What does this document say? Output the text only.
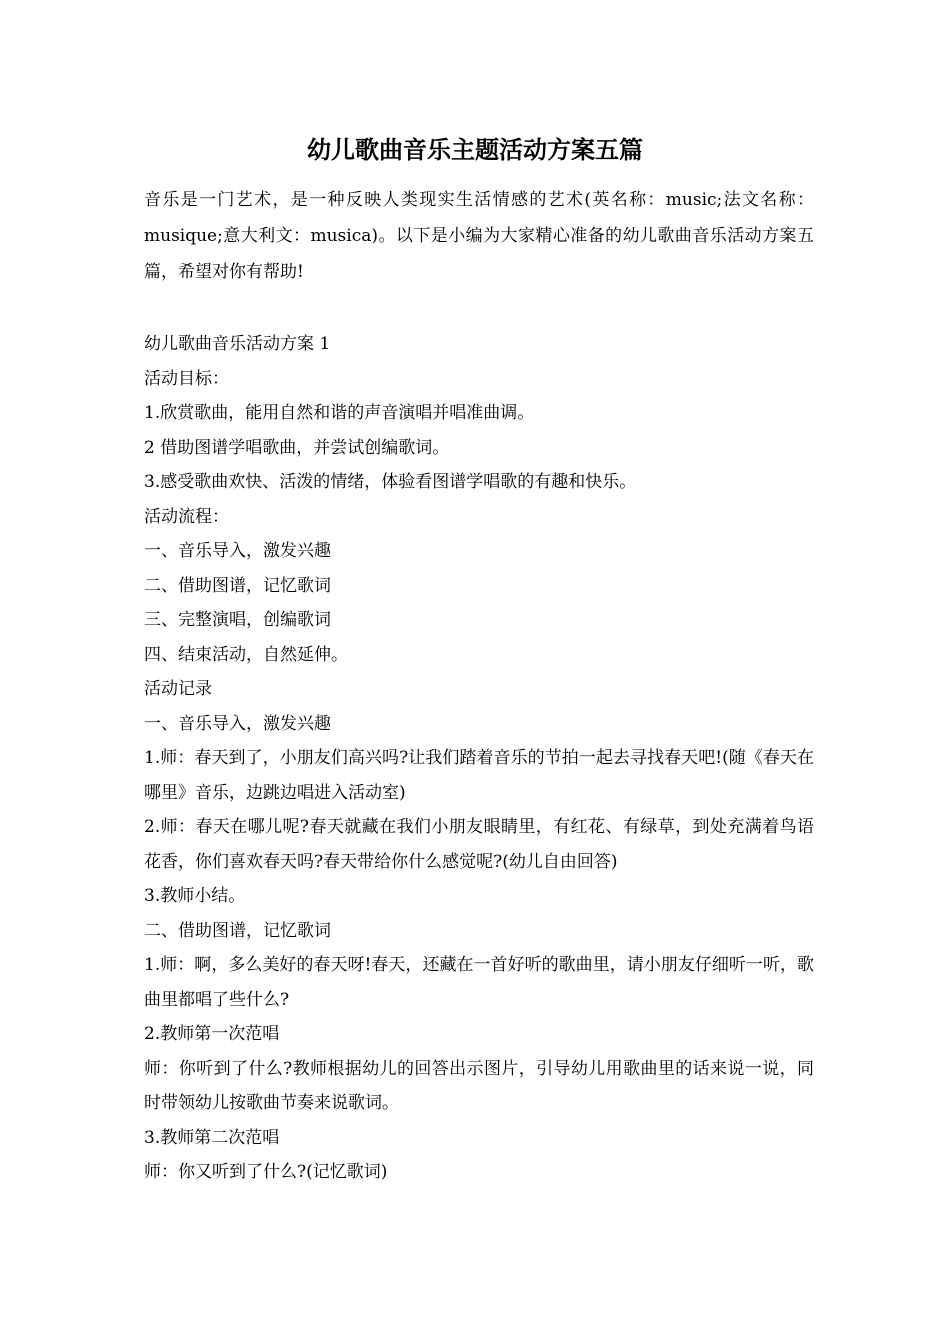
幼儿歌曲音乐主题活动方案五篇

音乐是一门艺术，是一种反映人类现实生活情感的艺术(英名称：music;法文名称：musique;意大利文：musica)。以下是小编为大家精心准备的幼儿歌曲音乐活动方案五篇，希望对你有帮助!

幼儿歌曲音乐活动方案 1

活动目标：

1.欣赏歌曲，能用自然和谐的声音演唱并唱准曲调。

2 借助图谱学唱歌曲，并尝试创编歌词。

3.感受歌曲欢快、活泼的情绪，体验看图谱学唱歌的有趣和快乐。

活动流程：

一、音乐导入，激发兴趣

二、借助图谱，记忆歌词

三、完整演唱，创编歌词

四、结束活动，自然延伸。

活动记录

一、音乐导入，激发兴趣

1.师：春天到了，小朋友们高兴吗?让我们踏着音乐的节拍一起去寻找春天吧!(随《春天在哪里》音乐，边跳边唱进入活动室)

2.师：春天在哪儿呢?春天就藏在我们小朋友眼睛里，有红花、有绿草，到处充满着鸟语花香，你们喜欢春天吗?春天带给你什么感觉呢?(幼儿自由回答)

3.教师小结。

二、借助图谱，记忆歌词

1.师：啊，多么美好的春天呀!春天，还藏在一首好听的歌曲里，请小朋友仔细听一听，歌曲里都唱了些什么?

2.教师第一次范唱

师：你听到了什么?教师根据幼儿的回答出示图片，引导幼儿用歌曲里的话来说一说，同时带领幼儿按歌曲节奏来说歌词。

3.教师第二次范唱

师：你又听到了什么?(记忆歌词)
